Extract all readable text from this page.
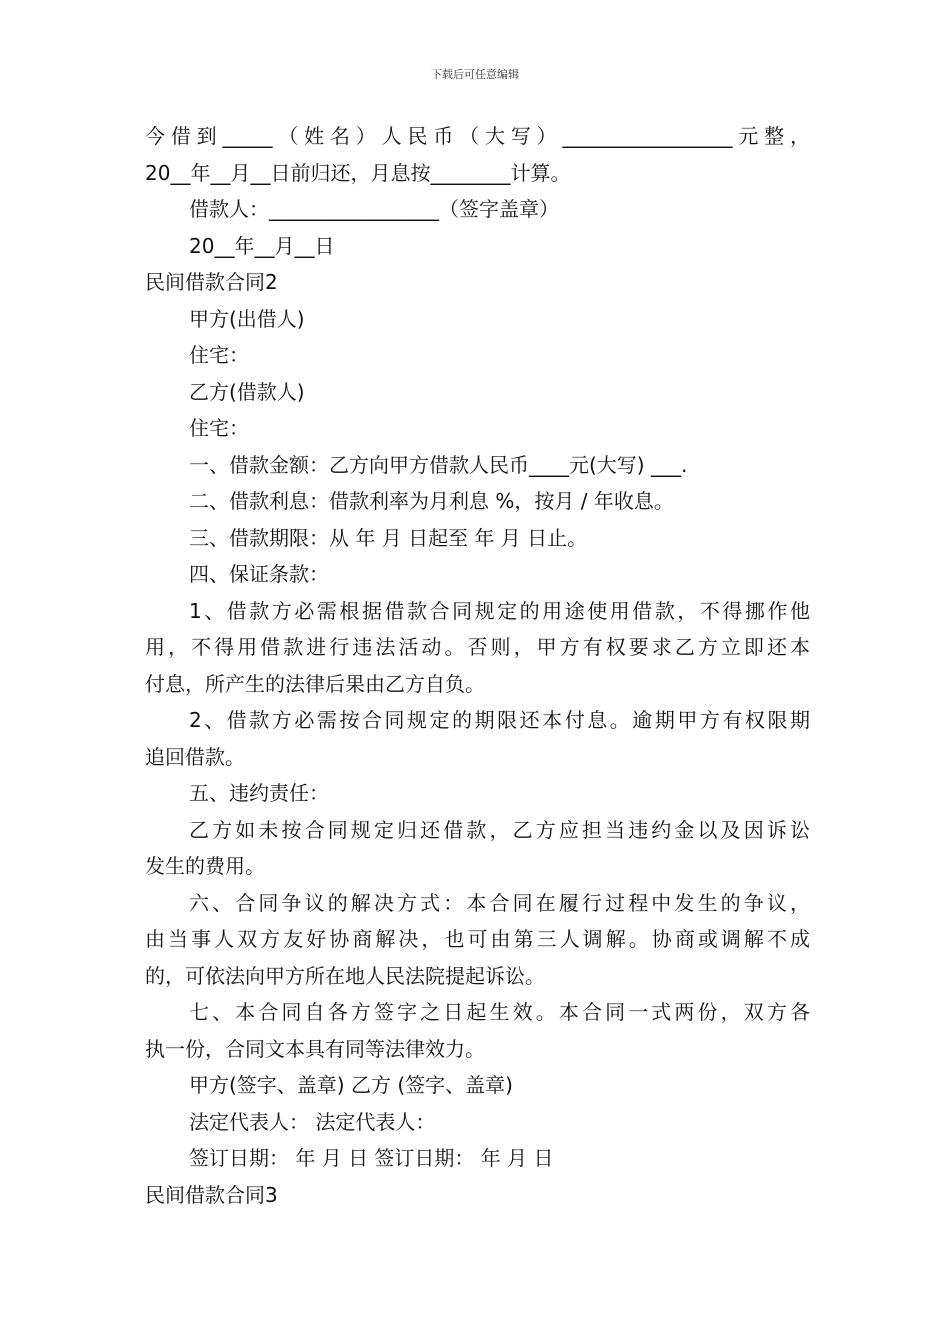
下载后可任意编辑
今借到_____（姓名）人民币（大写）_________________元整，
20__年__月__日前归还，月息按________计算。
借款人：_________________（签字盖章）
20__年__月__日
民间借款合同2
甲方(出借人)
住宅：
乙方(借款人)
住宅：
一、借款金额：乙方向甲方借款人民币____元(大写) ___.
二、借款利息：借款利率为月利息 %，按月 / 年收息。
三、借款期限：从 年 月 日起至 年 月 日止。
四、保证条款：
1、借款方必需根据借款合同规定的用途使用借款，不得挪作他
用，不得用借款进行违法活动。否则，甲方有权要求乙方立即还本
付息，所产生的法律后果由乙方自负。
2、借款方必需按合同规定的期限还本付息。逾期甲方有权限期
追回借款。
五、违约责任：
乙方如未按合同规定归还借款，乙方应担当违约金以及因诉讼
发生的费用。
六、合同争议的解决方式：本合同在履行过程中发生的争议，
由当事人双方友好协商解决，也可由第三人调解。协商或调解不成
的，可依法向甲方所在地人民法院提起诉讼。
七、本合同自各方签字之日起生效。本合同一式两份，双方各
执一份，合同文本具有同等法律效力。
甲方(签字、盖章) 乙方 (签字、盖章)
法定代表人： 法定代表人：
签订日期： 年 月 日 签订日期： 年 月 日
民间借款合同3
